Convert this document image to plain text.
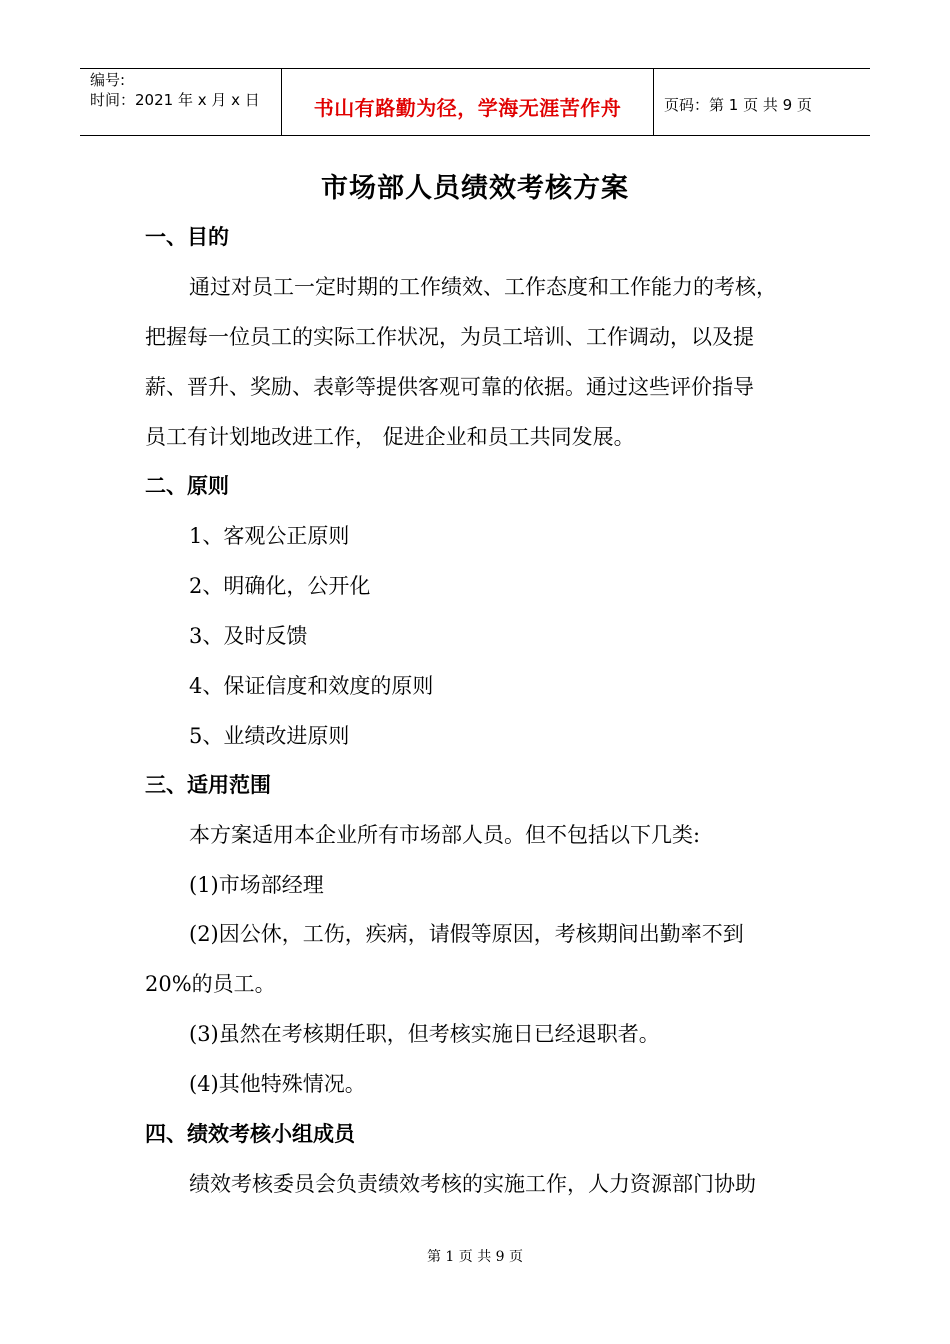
编号:
时间：2021 年 x 月 x 日	书山有路勤为径，学海无涯苦作舟	页码：第 1 页 共 9 页
市场部人员绩效考核方案
一、目的
通过对员工一定时期的工作绩效、工作态度和工作能力的考核，
把握每一位员工的实际工作状况，为员工培训、工作调动，以及提
薪、晋升、奖励、表彰等提供客观可靠的依据。通过这些评价指导
员工有计划地改进工作， 促进企业和员工共同发展。
二、原则
1、客观公正原则
2、明确化，公开化
3、及时反馈
4、保证信度和效度的原则
5、业绩改进原则
三、适用范围
本方案适用本企业所有市场部人员。但不包括以下几类:
(1)市场部经理
(2)因公休，工伤，疾病，请假等原因，考核期间出勤率不到
20%的员工。
(3)虽然在考核期任职，但考核实施日已经退职者。
(4)其他特殊情况。
四、绩效考核小组成员
绩效考核委员会负责绩效考核的实施工作，人力资源部门协助
第 1 页 共 9 页
